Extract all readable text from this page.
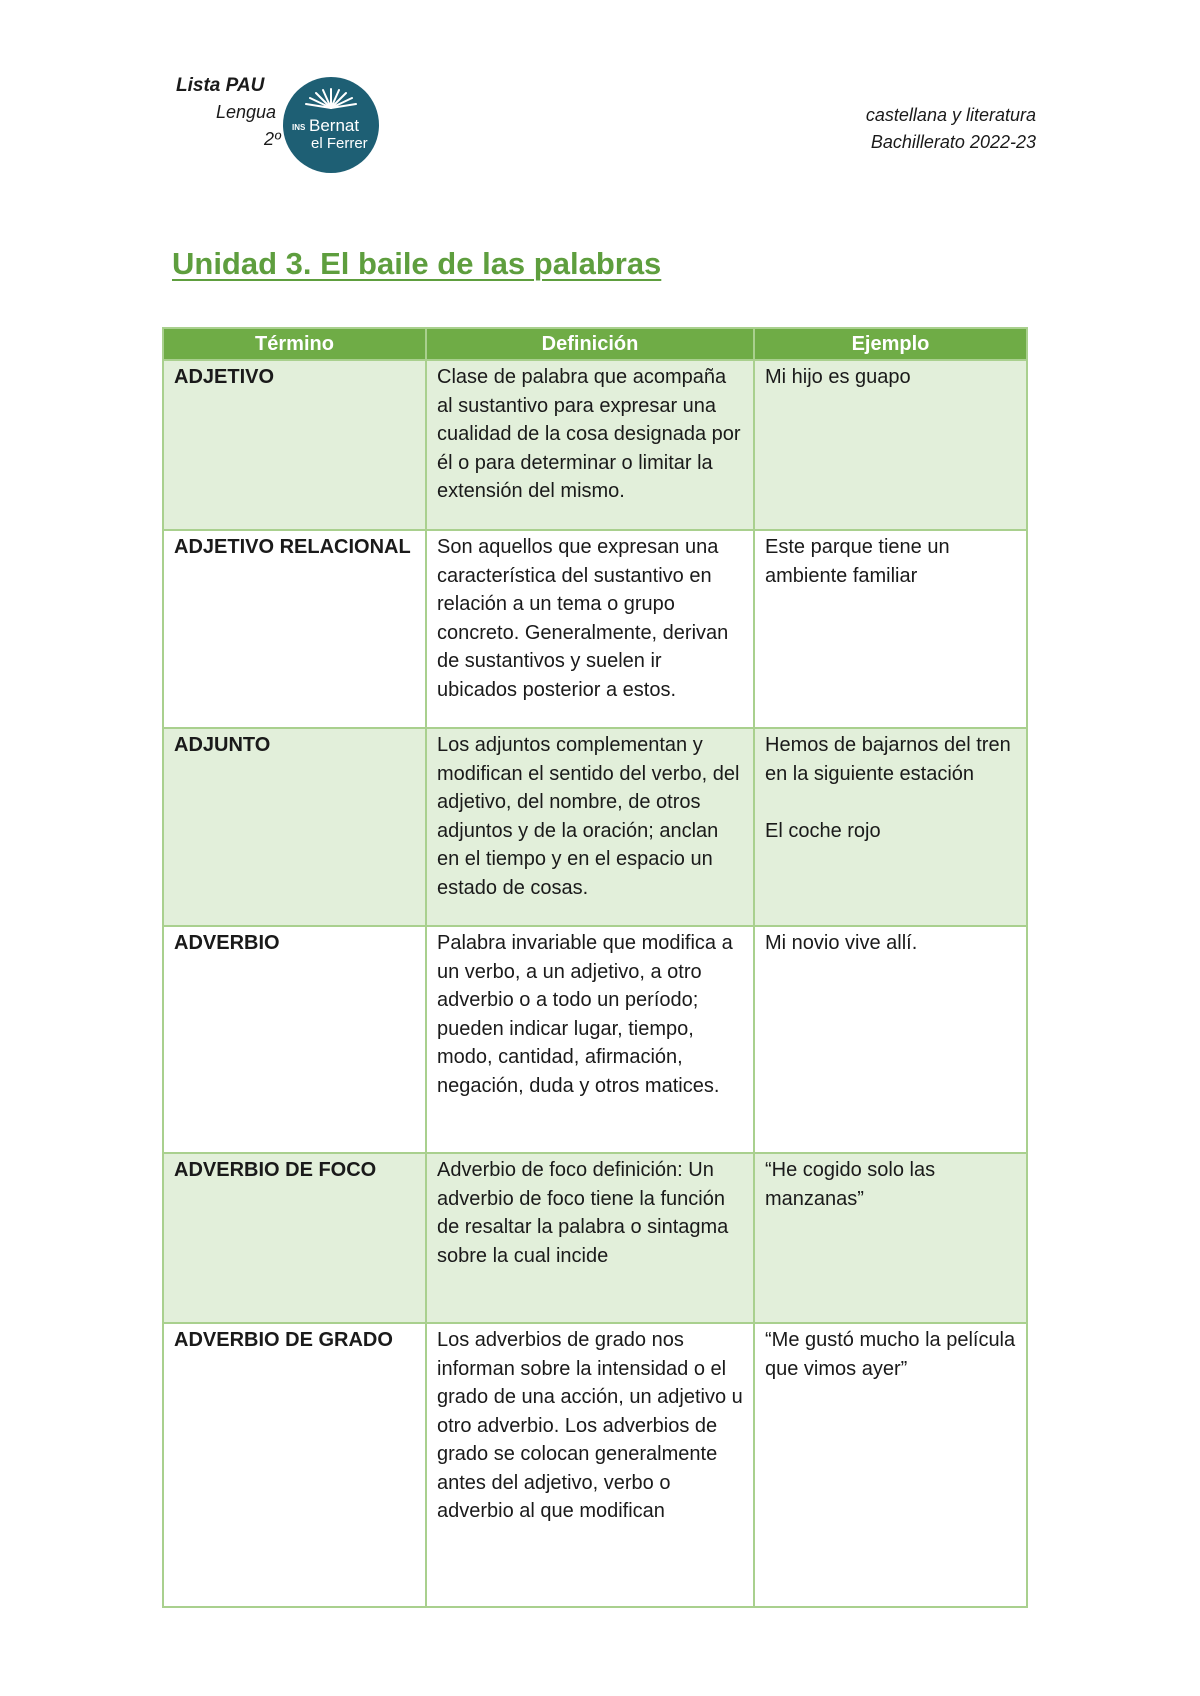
Lista PAU
Lengua
2º
INS Bernat
el Ferrer
castellana y literatura
Bachillerato 2022-23
Unidad 3. El baile de las palabras
Término	Definición	Ejemplo
ADJETIVO	Clase de palabra que acompaña al sustantivo para expresar una cualidad de la cosa designada por él o para determinar o limitar la extensión del mismo.	Mi hijo es guapo

ADJETIVO RELACIONAL	Son aquellos que expresan una característica del sustantivo en relación a un tema o grupo concreto. Generalmente, derivan de sustantivos y suelen ir ubicados posterior a estos.	Este parque tiene un ambiente familiar

ADJUNTO	Los adjuntos complementan y modifican el sentido del verbo, del adjetivo, del nombre, de otros adjuntos y de la oración; anclan en el tiempo y en el espacio un estado de cosas.	Hemos de bajarnos del tren en la siguiente estación
El coche rojo

ADVERBIO	Palabra invariable que modifica a un verbo, a un adjetivo, a otro adverbio o a todo un período; pueden indicar lugar, tiempo, modo, cantidad, afirmación, negación, duda y otros matices.	Mi novio vive allí.

ADVERBIO DE FOCO	Adverbio de foco definición: Un adverbio de foco tiene la función de resaltar la palabra o sintagma sobre la cual incide	“He cogido solo las manzanas”

ADVERBIO DE GRADO	Los adverbios de grado nos informan sobre la intensidad o el grado de una acción, un adjetivo u otro adverbio. Los adverbios de grado se colocan generalmente antes del adjetivo, verbo o adverbio al que modifican	“Me gustó mucho la película que vimos ayer”
